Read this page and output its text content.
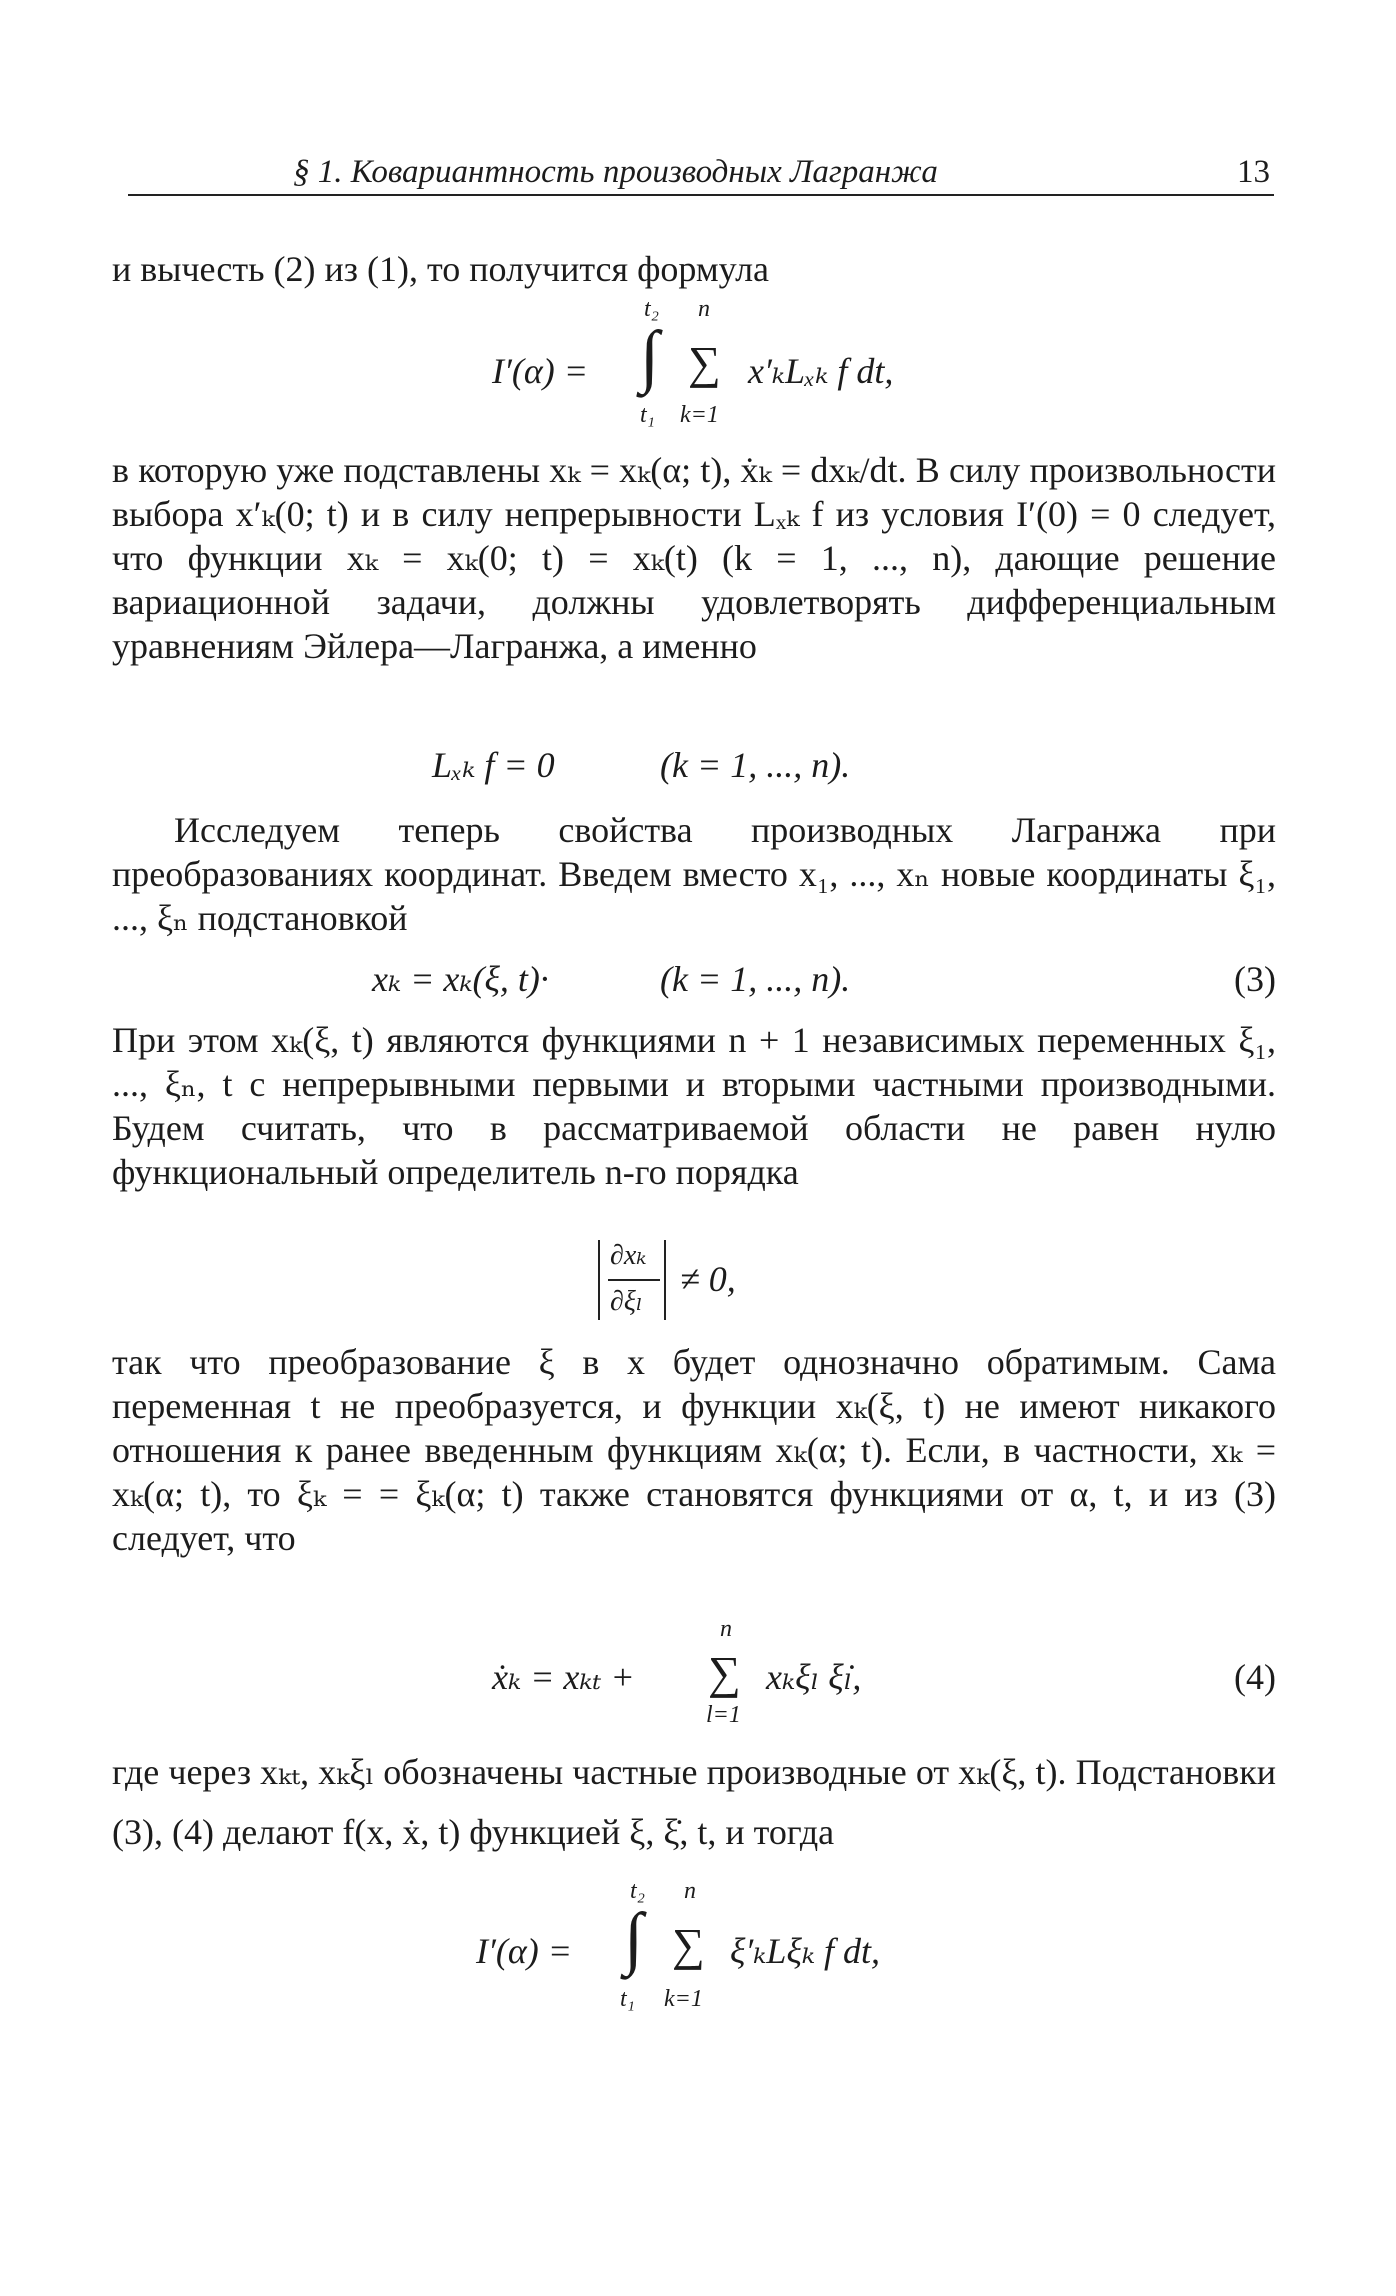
§ 1. Ковариантность производных Лагранжа	13
и вычесть (2) из (1), то получится формула
I′(α) =
t₂
∫
t₁
n
∑
k=1
x′ₖLₓₖ f dt,

в которую уже подставлены xₖ = xₖ(α; t), ẋₖ = dxₖ/dt. В силу произвольности выбора x′ₖ(0; t) и в силу непрерывности Lₓₖ f из условия I′(0) = 0 следует, что функции xₖ = xₖ(0; t) = xₖ(t) (k = 1, ..., n), дающие решение вариационной задачи, должны удовлетворять дифференциальным уравнениям Эйлера—Лагранжа, а именно

Lₓₖ f = 0	(k = 1, ..., n).

Исследуем теперь свойства производных Лагранжа при преобразованиях координат. Введем вместо x₁, ..., xₙ новые координаты ξ₁, ..., ξₙ подстановкой

xₖ = xₖ(ξ, t)·	(k = 1, ..., n).	(3)

При этом xₖ(ξ, t) являются функциями n + 1 независимых переменных ξ₁, ..., ξₙ, t с непрерывными первыми и вторыми частными производными. Будем считать, что в рассматриваемой области не равен нулю функциональный определитель n-го порядка

∂xₖ
∂ξₗ
≠ 0,

так что преобразование ξ в x будет однозначно обратимым. Сама переменная t не преобразуется, и функции xₖ(ξ, t) не имеют никакого отношения к ранее введенным функциям xₖ(α; t). Если, в частности, xₖ = xₖ(α; t), то ξₖ = = ξₖ(α; t) также становятся функциями от α, t, и из (3) следует, что

ẋₖ = xₖₜ +
n
∑
l=1
xₖξₗ ξ̇ₗ,	(4)

где через xₖₜ, xₖξₗ обозначены частные производные от xₖ(ξ, t). Подстановки (3), (4) делают f(x, ẋ, t) функцией ξ, ξ̇, t, и тогда

I′(α) =
t₂
∫
t₁
n
∑
k=1
ξ′ₖLξₖ f dt,
